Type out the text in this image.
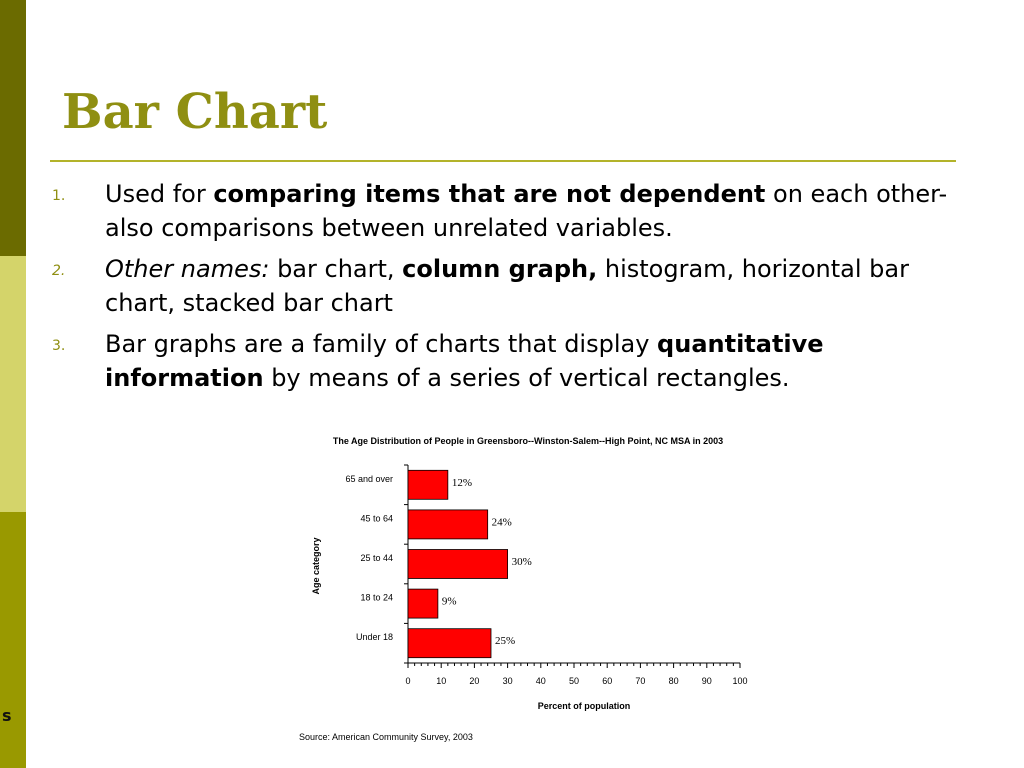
s
Bar Chart
1. Used for comparing items that are not dependent on each other-also comparisons between unrelated variables.
2. Other names: bar chart, column graph, histogram, horizontal bar chart, stacked bar chart
3. Bar graphs are a family of charts that display quantitative information by means of a series of vertical rectangles.
The Age Distribution of People in Greensboro--Winston-Salem--High Point, NC MSA in 2003
Age category
Percent of population
Source: American Community Survey, 2003
0	10	20	30	40	50	60	70	80	90 100
65 and over	12%
45 to 64	24%
25 to 44	30%
18 to 24	9%
Under 18	25%
